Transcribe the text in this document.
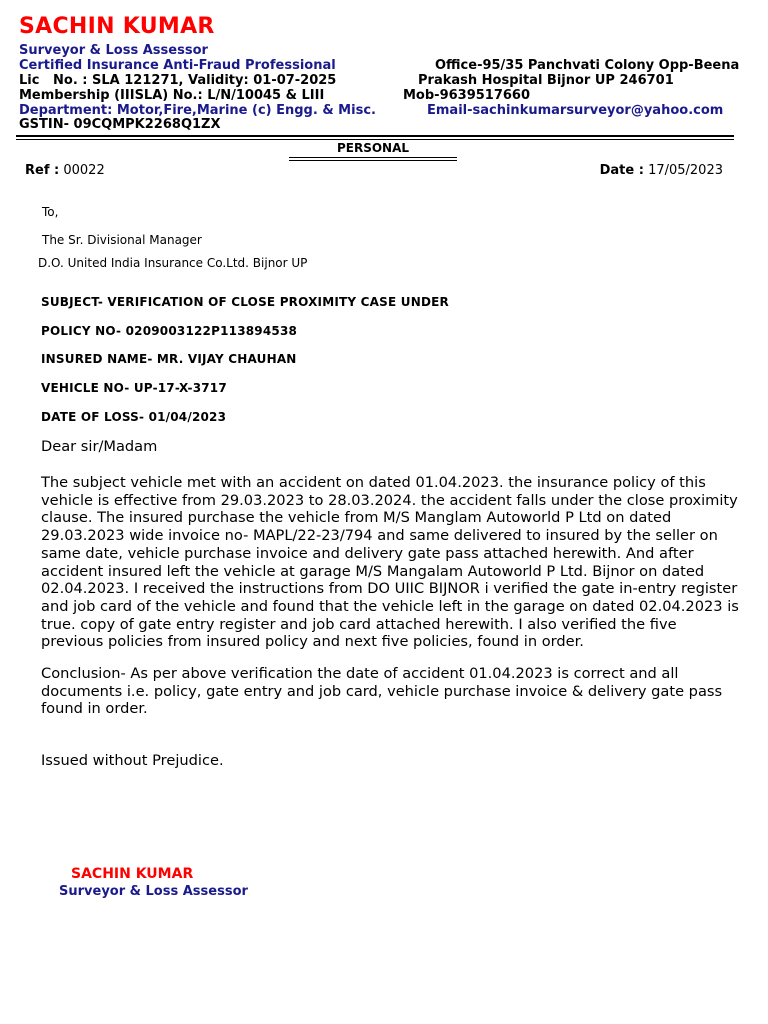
SACHIN KUMAR
Surveyor & Loss Assessor
Certified Insurance Anti-Fraud Professional
Lic   No. : SLA 121271, Validity: 01-07-2025
Membership (IIISLA) No.: L/N/10045 & LIII
Department: Motor,Fire,Marine (c) Engg. & Misc.
GSTIN- 09CQMPK2268Q1ZX
Office-95/35 Panchvati Colony Opp-Beena
Prakash Hospital Bijnor UP 246701
Mob-9639517660
Email-sachinkumarsurveyor@yahoo.com
PERSONAL
Ref : 00022	Date : 17/05/2023
To,
The Sr. Divisional Manager
D.O. United India Insurance Co.Ltd. Bijnor UP
SUBJECT- VERIFICATION OF CLOSE PROXIMITY CASE UNDER
POLICY NO- 0209003122P113894538
INSURED NAME- MR. VIJAY CHAUHAN
VEHICLE NO- UP-17-X-3717
DATE OF LOSS- 01/04/2023
Dear sir/Madam
The subject vehicle met with an accident on dated 01.04.2023. the insurance policy of this vehicle is effective from 29.03.2023 to 28.03.2024. the accident falls under the close proximity clause. The insured purchase the vehicle from M/S Manglam Autoworld P Ltd on dated 29.03.2023 wide invoice no- MAPL/22-23/794 and same delivered to insured by the seller on same date, vehicle purchase invoice and delivery gate pass attached herewith. And after accident insured left the vehicle at garage M/S Mangalam Autoworld P Ltd. Bijnor on dated 02.04.2023. I received the instructions from DO UIIC BIJNOR i verified the gate in-entry register and job card of the vehicle and found that the vehicle left in the garage on dated 02.04.2023 is true. copy of gate entry register and job card attached herewith. I also verified the five previous policies from insured policy and next five policies, found in order.
Conclusion- As per above verification the date of accident 01.04.2023 is correct and all documents i.e. policy, gate entry and job card, vehicle purchase invoice & delivery gate pass found in order.
Issued without Prejudice.
SACHIN KUMAR
Surveyor & Loss Assessor
